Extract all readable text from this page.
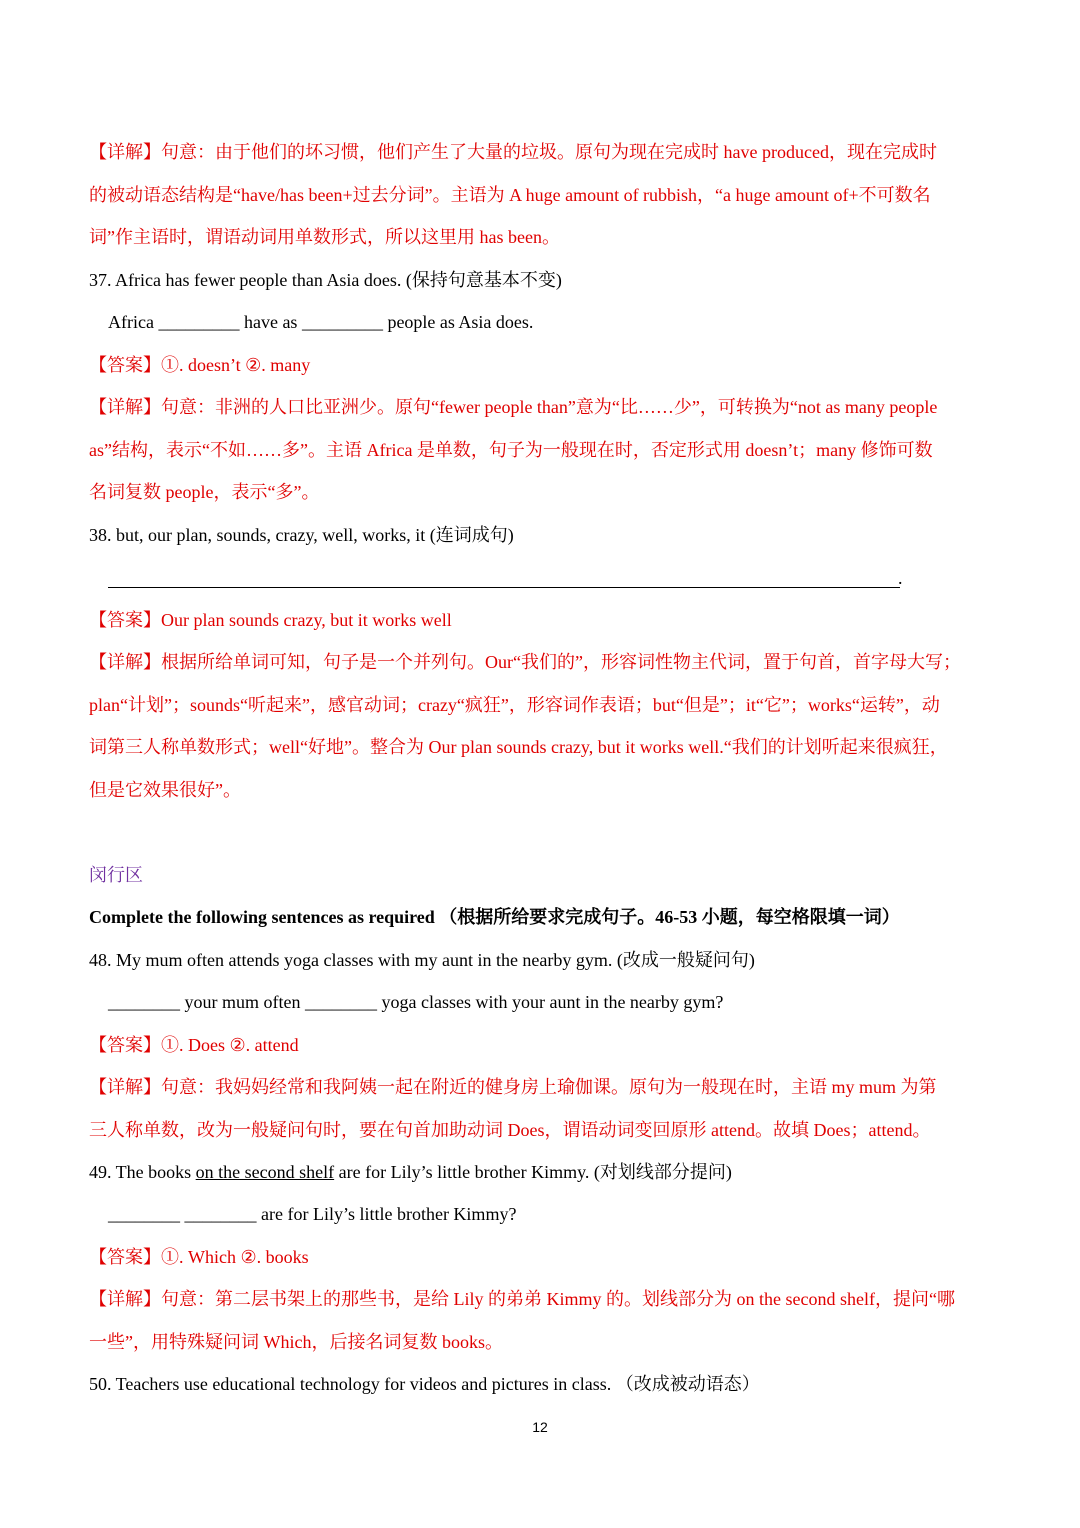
【详解】句意：由于他们的坏习惯，他们产生了大量的垃圾。原句为现在完成时 have produced，现在完成时
的被动语态结构是“have/has been+过去分词”。主语为 A huge amount of rubbish，“a huge amount of+不可数名
词”作主语时，谓语动词用单数形式，所以这里用 has been。
37. Africa has fewer people than Asia does. (保持句意基本不变)
Africa _________ have as _________ people as Asia does.
【答案】①. doesn’t ②. many
【详解】句意：非洲的人口比亚洲少。原句“fewer people than”意为“比……少”，可转换为“not as many people
as”结构，表示“不如……多”。主语 Africa 是单数，句子为一般现在时，否定形式用 doesn’t；many 修饰可数
名词复数 people，表示“多”。
38. but, our plan, sounds, crazy, well, works, it (连词成句)
.
【答案】Our plan sounds crazy, but it works well
【详解】根据所给单词可知，句子是一个并列句。Our“我们的”，形容词性物主代词，置于句首，首字母大写；
plan“计划”；sounds“听起来”，感官动词；crazy“疯狂”，形容词作表语；but“但是”；it“它”；works“运转”，动
词第三人称单数形式；well“好地”。整合为 Our plan sounds crazy, but it works well.“我们的计划听起来很疯狂，
但是它效果很好”。
闵行区
Complete the following sentences as required （根据所给要求完成句子。46-53 小题，每空格限填一词）
48. My mum often attends yoga classes with my aunt in the nearby gym. (改成一般疑问句)
________ your mum often ________ yoga classes with your aunt in the nearby gym?
【答案】①. Does ②. attend
【详解】句意：我妈妈经常和我阿姨一起在附近的健身房上瑜伽课。原句为一般现在时，主语 my mum 为第
三人称单数，改为一般疑问句时，要在句首加助动词 Does，谓语动词变回原形 attend。故填 Does；attend。
49. The books on the second shelf are for Lily’s little brother Kimmy. (对划线部分提问)
________ ________ are for Lily’s little brother Kimmy?
【答案】①. Which ②. books
【详解】句意：第二层书架上的那些书，是给 Lily 的弟弟 Kimmy 的。划线部分为 on the second shelf，提问“哪
一些”，用特殊疑问词 Which，后接名词复数 books。
50. Teachers use educational technology for videos and pictures in class. （改成被动语态）
12
